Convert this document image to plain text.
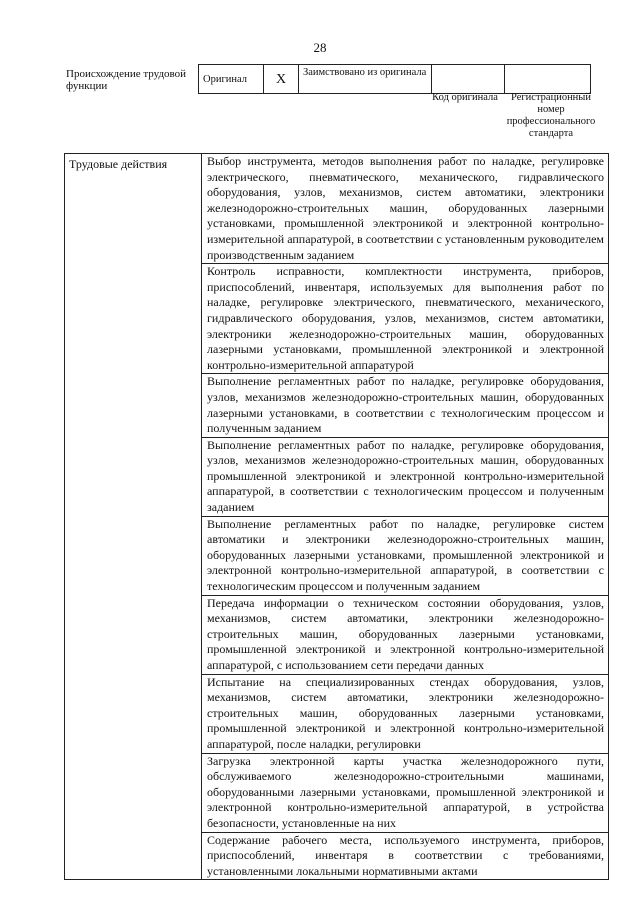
28
Происхождение трудовой функции
Оригинал	X	Заимствовано из оригинала		
Код оригинала	Регистрационный номер профессионального стандарта
Трудовые действия	Выбор инструмента, методов выполнения работ по наладке, регулировке электрического, пневматического, механического, гидравлического оборудования, узлов, механизмов, систем автоматики, электроники железнодорожно-строительных машин, оборудованных лазерными установками, промышленной электроникой и электронной контрольно-измерительной аппаратурой, в соответствии с установленным руководителем производственным заданием
Контроль исправности, комплектности инструмента, приборов, приспособлений, инвентаря, используемых для выполнения работ по наладке, регулировке электрического, пневматического, механического, гидравлического оборудования, узлов, механизмов, систем автоматики, электроники железнодорожно-строительных машин, оборудованных лазерными установками, промышленной электроникой и электронной контрольно-измерительной аппаратурой
Выполнение регламентных работ по наладке, регулировке оборудования, узлов, механизмов железнодорожно-строительных машин, оборудованных лазерными установками, в соответствии с технологическим процессом и полученным заданием
Выполнение регламентных работ по наладке, регулировке оборудования, узлов, механизмов железнодорожно-строительных машин, оборудованных промышленной электроникой и электронной контрольно-измерительной аппаратурой, в соответствии с технологическим процессом и полученным заданием
Выполнение регламентных работ по наладке, регулировке систем автоматики и электроники железнодорожно-строительных машин, оборудованных лазерными установками, промышленной электроникой и электронной контрольно-измерительной аппаратурой, в соответствии с технологическим процессом и полученным заданием
Передача информации о техническом состоянии оборудования, узлов, механизмов, систем автоматики, электроники железнодорожно-строительных машин, оборудованных лазерными установками, промышленной электроникой и электронной контрольно-измерительной аппаратурой, с использованием сети передачи данных
Испытание на специализированных стендах оборудования, узлов, механизмов, систем автоматики, электроники железнодорожно-строительных машин, оборудованных лазерными установками, промышленной электроникой и электронной контрольно-измерительной аппаратурой, после наладки, регулировки
Загрузка электронной карты участка железнодорожного пути, обслуживаемого железнодорожно-строительными машинами, оборудованными лазерными установками, промышленной электроникой и электронной контрольно-измерительной аппаратурой, в устройства безопасности, установленные на них
Содержание рабочего места, используемого инструмента, приборов, приспособлений, инвентаря в соответствии с требованиями, установленными локальными нормативными актами
